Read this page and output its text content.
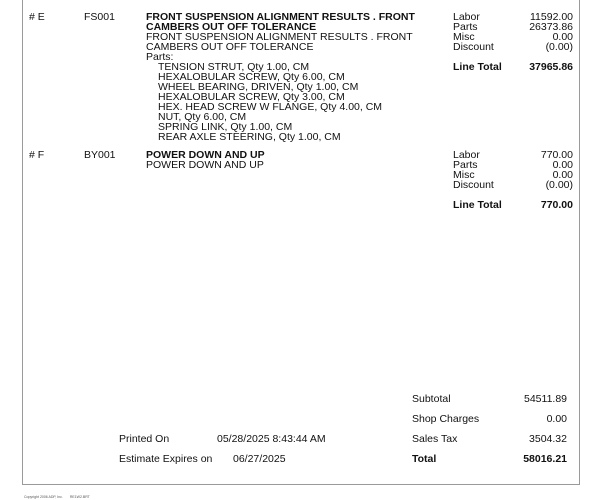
# E	FS001	FRONT SUSPENSION ALIGNMENT RESULTS . FRONT CAMBERS OUT OFF TOLERANCE
FRONT SUSPENSION ALIGNMENT RESULTS . FRONT CAMBERS OUT OFF TOLERANCE
Parts:
TENSION STRUT, Qty 1.00, CM
HEXALOBULAR SCREW, Qty 6.00, CM
WHEEL BEARING, DRIVEN, Qty 1.00, CM
HEXALOBULAR SCREW, Qty 3.00, CM
HEX. HEAD SCREW W FLANGE, Qty 4.00, CM
NUT, Qty 6.00, CM
SPRING LINK, Qty 1.00, CM
REAR AXLE STEERING, Qty 1.00, CM
Labor	11592.00
Parts	26373.86
Misc	0.00
Discount	(0.00)
Line Total	37965.86
# F	BY001	POWER DOWN AND UP
POWER DOWN AND UP
Labor	770.00
Parts	0.00
Misc	0.00
Discount	(0.00)
Line Total	770.00
Subtotal	54511.89
Shop Charges	0.00
Sales Tax	3504.32
Total	58016.21
Printed On	05/28/2025 8:43:44 AM
Estimate Expires on 06/27/2025
Copyright 2006 ADP, Inc. RE1W2.BRT
